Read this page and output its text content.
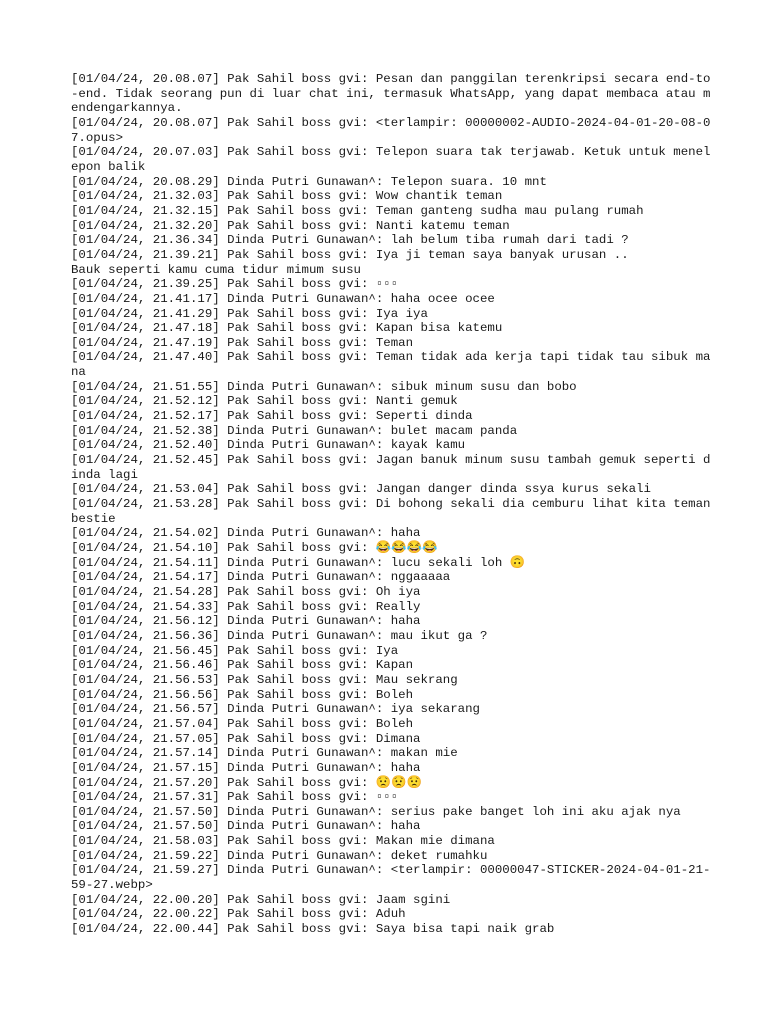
[01/04/24, 20.08.07] Pak Sahil boss gvi: Pesan dan panggilan terenkripsi secara end-to-end. Tidak seorang pun di luar chat ini, termasuk WhatsApp, yang dapat membaca atau mendengarkannya.

[01/04/24, 20.08.07] Pak Sahil boss gvi: <terlampir: 00000002-AUDIO-2024-04-01-20-08-07.opus>

[01/04/24, 20.07.03] Pak Sahil boss gvi: Telepon suara tak terjawab. Ketuk untuk menelepon balik

[01/04/24, 20.08.29] Dinda Putri Gunawan^: Telepon suara. 10 mnt

[01/04/24, 21.32.03] Pak Sahil boss gvi: Wow chantik teman

[01/04/24, 21.32.15] Pak Sahil boss gvi: Teman ganteng sudha mau pulang rumah

[01/04/24, 21.32.20] Pak Sahil boss gvi: Nanti katemu teman

[01/04/24, 21.36.34] Dinda Putri Gunawan^: lah belum tiba rumah dari tadi ?

[01/04/24, 21.39.21] Pak Sahil boss gvi: Iya ji teman saya banyak urusan ..
Bauk seperti kamu cuma tidur mimum susu

[01/04/24, 21.39.25] Pak Sahil boss gvi: ▫▫▫

[01/04/24, 21.41.17] Dinda Putri Gunawan^: haha ocee ocee

[01/04/24, 21.41.29] Pak Sahil boss gvi: Iya iya

[01/04/24, 21.47.18] Pak Sahil boss gvi: Kapan bisa katemu

[01/04/24, 21.47.19] Pak Sahil boss gvi: Teman

[01/04/24, 21.47.40] Pak Sahil boss gvi: Teman tidak ada kerja tapi tidak tau sibuk mana

[01/04/24, 21.51.55] Dinda Putri Gunawan^: sibuk minum susu dan bobo

[01/04/24, 21.52.12] Pak Sahil boss gvi: Nanti gemuk

[01/04/24, 21.52.17] Pak Sahil boss gvi: Seperti dinda

[01/04/24, 21.52.38] Dinda Putri Gunawan^: bulet macam panda

[01/04/24, 21.52.40] Dinda Putri Gunawan^: kayak kamu

[01/04/24, 21.52.45] Pak Sahil boss gvi: Jagan banuk minum susu tambah gemuk seperti dinda lagi

[01/04/24, 21.53.04] Pak Sahil boss gvi: Jangan danger dinda ssya kurus sekali

[01/04/24, 21.53.28] Pak Sahil boss gvi: Di bohong sekali dia cemburu lihat kita teman bestie

[01/04/24, 21.54.02] Dinda Putri Gunawan^: haha

[01/04/24, 21.54.10] Pak Sahil boss gvi: 😂😂😂😂

[01/04/24, 21.54.11] Dinda Putri Gunawan^: lucu sekali loh 🙃

[01/04/24, 21.54.17] Dinda Putri Gunawan^: nggaaaaa

[01/04/24, 21.54.28] Pak Sahil boss gvi: Oh iya

[01/04/24, 21.54.33] Pak Sahil boss gvi: Really

[01/04/24, 21.56.12] Dinda Putri Gunawan^: haha

[01/04/24, 21.56.36] Dinda Putri Gunawan^: mau ikut ga ?

[01/04/24, 21.56.45] Pak Sahil boss gvi: Iya

[01/04/24, 21.56.46] Pak Sahil boss gvi: Kapan

[01/04/24, 21.56.53] Pak Sahil boss gvi: Mau sekrang

[01/04/24, 21.56.56] Pak Sahil boss gvi: Boleh

[01/04/24, 21.56.57] Dinda Putri Gunawan^: iya sekarang

[01/04/24, 21.57.04] Pak Sahil boss gvi: Boleh

[01/04/24, 21.57.05] Pak Sahil boss gvi: Dimana

[01/04/24, 21.57.14] Dinda Putri Gunawan^: makan mie

[01/04/24, 21.57.15] Dinda Putri Gunawan^: haha

[01/04/24, 21.57.20] Pak Sahil boss gvi: 😟😟😟

[01/04/24, 21.57.31] Pak Sahil boss gvi: ▫▫▫

[01/04/24, 21.57.50] Dinda Putri Gunawan^: serius pake banget loh ini aku ajak nya

[01/04/24, 21.57.50] Dinda Putri Gunawan^: haha

[01/04/24, 21.58.03] Pak Sahil boss gvi: Makan mie dimana

[01/04/24, 21.59.22] Dinda Putri Gunawan^: deket rumahku

[01/04/24, 21.59.27] Dinda Putri Gunawan^: <terlampir: 00000047-STICKER-2024-04-01-21-59-27.webp>

[01/04/24, 22.00.20] Pak Sahil boss gvi: Jaam sgini

[01/04/24, 22.00.22] Pak Sahil boss gvi: Aduh

[01/04/24, 22.00.44] Pak Sahil boss gvi: Saya bisa tapi naik grab
